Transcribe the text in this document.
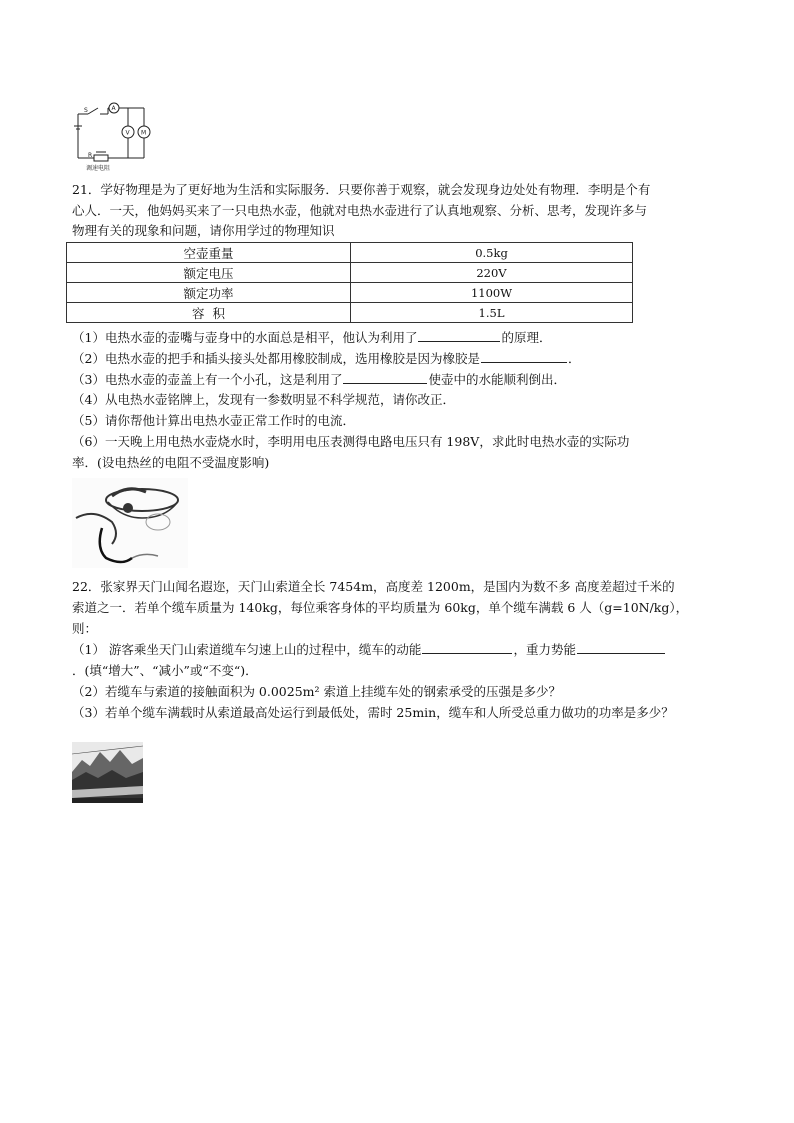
S	A
V M
R
调速电阻
21．学好物理是为了更好地为生活和实际服务．只要你善于观察，就会发现身边处处有物理．李明是个有
心人．一天，他妈妈买来了一只电热水壶，他就对电热水壶进行了认真地观察、分析、思考，发现许多与
物理有关的现象和问题，请你用学过的物理知识
空壶重量	0.5kg
额定电压	220V
额定功率	1100W
容  积	1.5L
（1）电热水壶的壶嘴与壶身中的水面总是相平，他认为利用了	的原理．
（2）电热水壶的把手和插头接头处都用橡胶制成，选用橡胶是因为橡胶是	．
（3）电热水壶的壶盖上有一个小孔，这是利用了	使壶中的水能顺利倒出．
（4）从电热水壶铭牌上，发现有一参数明显不科学规范，请你改正．
（5）请你帮他计算出电热水壶正常工作时的电流．
（6）一天晚上用电热水壶烧水时，李明用电压表测得电路电压只有 198V，求此时电热水壶的实际功
率．(设电热丝的电阻不受温度影响)
22．张家界天门山闻名遐迩，天门山索道全长 7454m，高度差 1200m，是国内为数不多 高度差超过千米的
索道之一．若单个缆车质量为 140kg，每位乘客身体的平均质量为 60kg，单个缆车满载 6 人（g=10N/kg），
则：
（1） 游客乘坐天门山索道缆车匀速上山的过程中，缆车的动能	，重力势能
．(填“增大”、“减小”或“不变“)．
（2）若缆车与索道的接触面积为 0.0025m² 索道上挂缆车处的钢索承受的压强是多少？
（3）若单个缆车满载时从索道最高处运行到最低处，需时 25min，缆车和人所受总重力做功的功率是多少？
